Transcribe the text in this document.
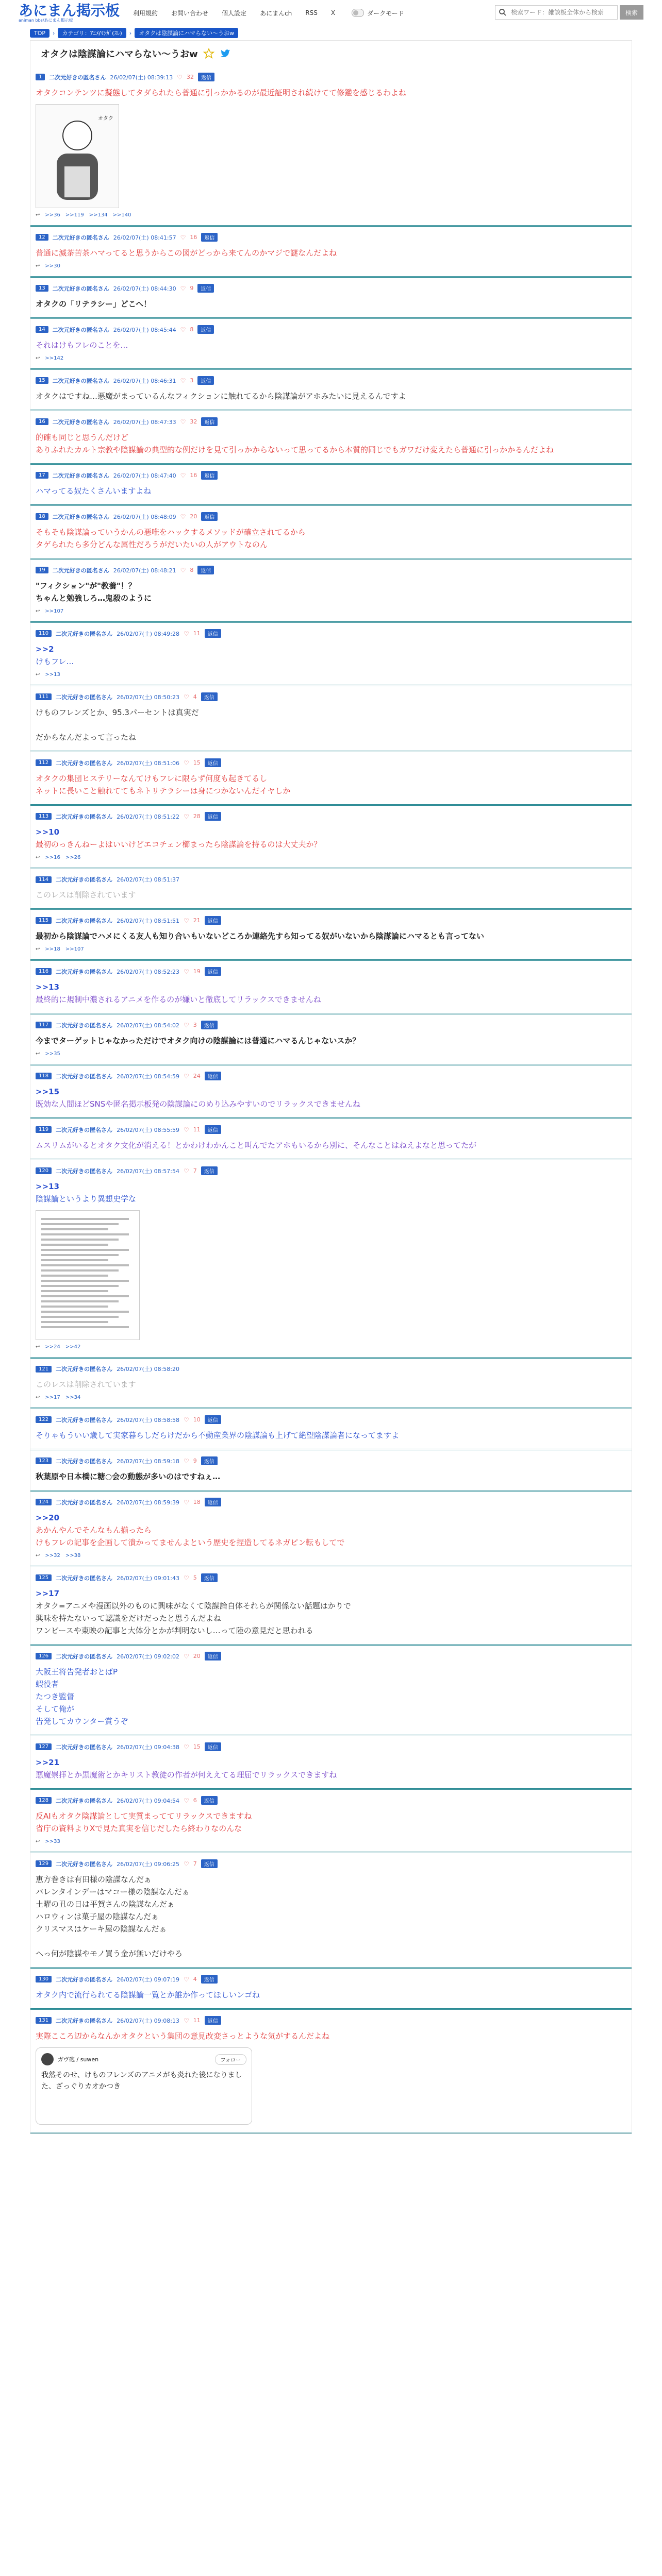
あにまん掲示板
animan bbs/あにまん掲示板
利用規約 お問い合わせ 個人設定 あにまんch RSS X	ダークモード
検索ワード：雑談板全体から検索	検索
TOP	›	カテゴリ：ｱﾆﾒ/ﾏﾝｶﾞ(ｽﾚ)	›	オタクは陰謀論にハマらない～うおw
オタクは陰謀論にハマらない～うおw
1	二次元好きの匿名さん 26/02/07(土) 08:39:13 ♡ 32	返信
オタクコンテンツに擬態してタダられたら普通に引っかかるのが最近証明され続けてて修鑑を感じるわよね
オタク
↩ >>36 >>119 >>134 >>140
12	二次元好きの匿名さん 26/02/07(土) 08:41:57 ♡ 16	返信
普通に滅茶苦茶ハマってると思うからこの図がどっから来てんのかマジで謎なんだよね
↩ >>30
13	二次元好きの匿名さん 26/02/07(土) 08:44:30 ♡ 9	返信
オタクの「リテラシー」どこへ！
14	二次元好きの匿名さん 26/02/07(土) 08:45:44 ♡ 8	返信
それはけもフレのことを…
↩ >>142
15	二次元好きの匿名さん 26/02/07(土) 08:46:31 ♡ 3	返信
オタクはですね…悪魔がまっているんなフィクションに触れてるから陰謀論がアホみたいに見えるんですよ
16	二次元好きの匿名さん 26/02/07(土) 08:47:33 ♡ 32	返信
的確も同じと思うんだけど
ありふれたカルト宗教や陰謀論の典型的な例だけを見て引っかからないって思ってるから本質的同じでもガワだけ変えたら普通に引っかかるんだよね
17	二次元好きの匿名さん 26/02/07(土) 08:47:40 ♡ 16	返信
ハマってる奴たくさんいますよね
18	二次元好きの匿名さん 26/02/07(土) 08:48:09 ♡ 20	返信
そもそも陰謀論っていうかんの悪唯をハックするメソッドが確立されてるから
タゲられたら多分どんな属性だろうがだいたいの人がアウトなのん
19	二次元好きの匿名さん 26/02/07(土) 08:48:21 ♡ 8	返信
"フィクション"が"教養"！？
ちゃんと勉強しろ…鬼殺のように
↩ >>107
110	二次元好きの匿名さん 26/02/07(土) 08:49:28 ♡ 11	返信
>>2
けもフレ…
↩ >>13
111	二次元好きの匿名さん 26/02/07(土) 08:50:23 ♡ 4	返信
けものフレンズとか、95.3パーセントは真実だ

だからなんだよって言ったね
112	二次元好きの匿名さん 26/02/07(土) 08:51:06 ♡ 15	返信
オタクの集団ヒステリーなんてけもフレに限らず何度も起きてるし
ネットに長いこと触れててもネトリテラシーは身につかないんだイヤしか
113	二次元好きの匿名さん 26/02/07(土) 08:51:22 ♡ 28	返信
>>10
最初のっきんねーよはいいけどエコチェン櫛まったら陰謀論を持るのは大丈夫か？
↩ >>16 >>26
114	二次元好きの匿名さん 26/02/07(土) 08:51:37
このレスは削除されています
115	二次元好きの匿名さん 26/02/07(土) 08:51:51 ♡ 21	返信
最初から陰謀論でハメにくる友人も知り合いもいないどころか連絡先すら知ってる奴がいないから陰謀論にハマるとも言ってない
↩ >>18 >>107
116	二次元好きの匿名さん 26/02/07(土) 08:52:23 ♡ 19	返信
>>13
最終的に規制中濃されるアニメを作るのが嫌いと徹底してリラックスできませんね
117	二次元好きの匿名さん 26/02/07(土) 08:54:02 ♡ 3	返信
今までターゲットじゃなかっただけでオタク向けの陰謀論には普通にハマるんじゃないスか？
↩ >>35
118	二次元好きの匿名さん 26/02/07(土) 08:54:59 ♡ 24	返信
>>15
既効な人間ほどSNSや匿名掲示板発の陰謀論にのめり込みやすいのでリラックスできませんね
119	二次元好きの匿名さん 26/02/07(土) 08:55:59 ♡ 11	返信
ムスリムがいるとオタク文化が消える！とかわけわかんこと叫んでたアホもいるから別に、そんなことはねえよなと思ってたが
120	二次元好きの匿名さん 26/02/07(土) 08:57:54 ♡ 7	返信
>>13
陰謀論というより異想史学な
↩ >>24 >>42
121	二次元好きの匿名さん 26/02/07(土) 08:58:20
このレスは削除されています
↩ >>17 >>34
122	二次元好きの匿名さん 26/02/07(土) 08:58:58 ♡ 10	返信
そりゃもういい歳して実家暮らしだらけだから不動産業界の陰謀論も上げて絶望陰謀論者になってますよ
123	二次元好きの匿名さん 26/02/07(土) 08:59:18 ♡ 9	返信
秋葉原や日本橋に糖○会の動態が多いのはですねぇ…
124	二次元好きの匿名さん 26/02/07(土) 08:59:39 ♡ 18	返信
>>20
あかんやんでそんなもん揃ったら
けもフレの記事を企画して潰かってませんよという歴史を捏造してるネガピン転もしてで
↩ >>32 >>38
125	二次元好きの匿名さん 26/02/07(土) 09:01:43 ♡ 5	返信
>>17
オタク=アニメや漫画以外のものに興味がなくて陰謀論自体それらが関係ない話題はかりで
興味を持たないって認識をだけだったと思うんだよね
ワンピースや東映の記事と大体分とかが判明ないし…って陸の意見だと思われる
126	二次元好きの匿名さん 26/02/07(土) 09:02:02 ♡ 20	返信
大阪王将告発者おとばP
蝦役者
たつき監督
そして俺が
告発してカウンター賞うぞ
127	二次元好きの匿名さん 26/02/07(土) 09:04:38 ♡ 15	返信
>>21
悪魔崇拝とか黒魔術とかキリスト教徒の作者が何ええてる理屈でリラックスできますね
128	二次元好きの匿名さん 26/02/07(土) 09:04:54 ♡ 6	返信
反AIもオタク陰謀論として実質まっててリラックスできますね
省庁の資料よりXで見た真実を信じだしたら終わりなのんな
↩ >>33
129	二次元好きの匿名さん 26/02/07(土) 09:06:25 ♡ 7	返信
恵方巻きは有田様の陰謀なんだぁ
バレンタインデーはマコー様の陰謀なんだぁ
土曜の丑の日は平賀さんの陰謀なんだぁ
ハロウィンは菓子屋の陰謀なんだぁ
クリスマスはケーキ屋の陰謀なんだぁ

へっ何が陰謀やモノ買う金が無いだけやろ
130	二次元好きの匿名さん 26/02/07(土) 09:07:19 ♡ 4	返信
オタク内で流行られてる陰謀論一覧とか誰か作ってほしいンゴね
131	二次元好きの匿名さん 26/02/07(土) 09:08:13 ♡ 11	返信
実際こころ辺からなんかオタクという集団の意見改変さっとような気がするんだよね
ガヴ砲 / suwen	フォロー
我然そのせ、けものフレンズのアニメがも炎れた後になりました、ざっぐりカオかつき
